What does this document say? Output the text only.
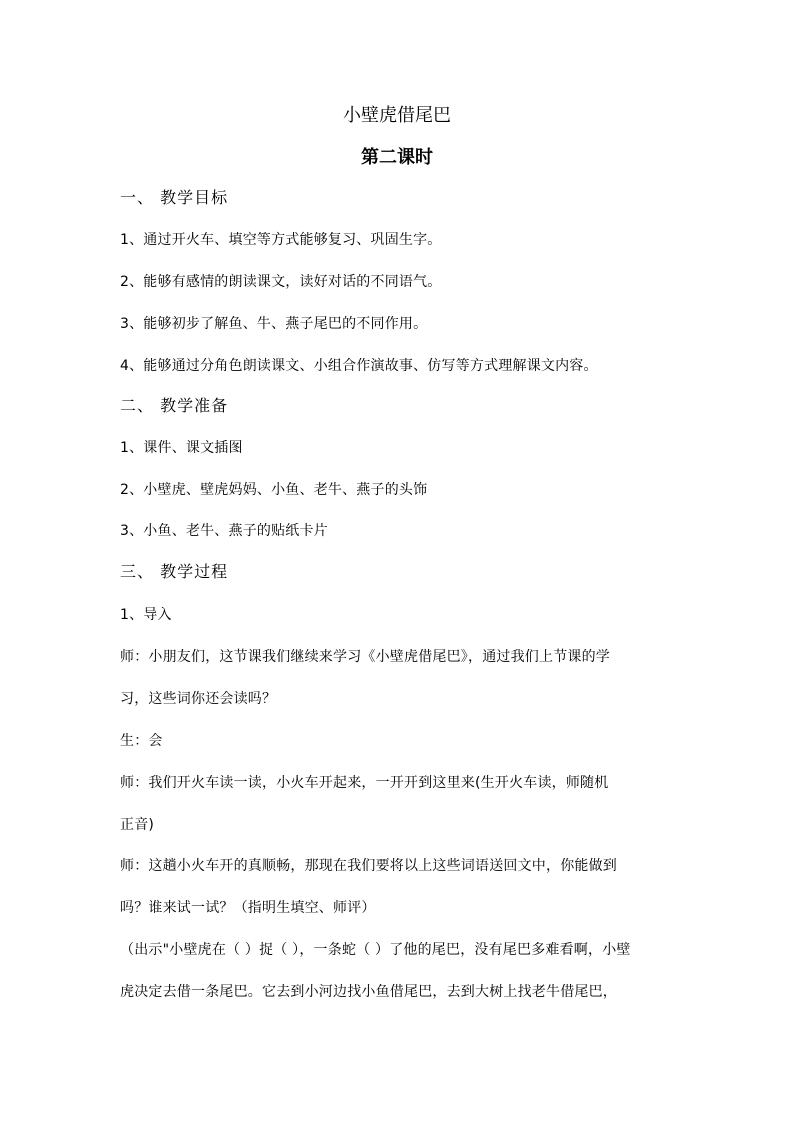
小壁虎借尾巴
第二课时
一、 教学目标
1、通过开火车、填空等方式能够复习、巩固生字。
2、能够有感情的朗读课文，读好对话的不同语气。
3、能够初步了解鱼、牛、燕子尾巴的不同作用。
4、能够通过分角色朗读课文、小组合作演故事、仿写等方式理解课文内容。
二、 教学准备
1、课件、课文插图
2、小壁虎、壁虎妈妈、小鱼、老牛、燕子的头饰
3、小鱼、老牛、燕子的贴纸卡片
三、 教学过程
1、导入
师：小朋友们，这节课我们继续来学习《小壁虎借尾巴》，通过我们上节课的学
习，这些词你还会读吗？
生：会
师：我们开火车读一读，小火车开起来，一开开到这里来(生开火车读，师随机
正音)
师：这趟小火车开的真顺畅，那现在我们要将以上这些词语送回文中，你能做到
吗？谁来试一试？（指明生填空、师评）
（出示"小壁虎在（ ）捉（ ），一条蛇（ ）了他的尾巴，没有尾巴多难看啊，小壁
虎决定去借一条尾巴。它去到小河边找小鱼借尾巴，去到大树上找老牛借尾巴，
